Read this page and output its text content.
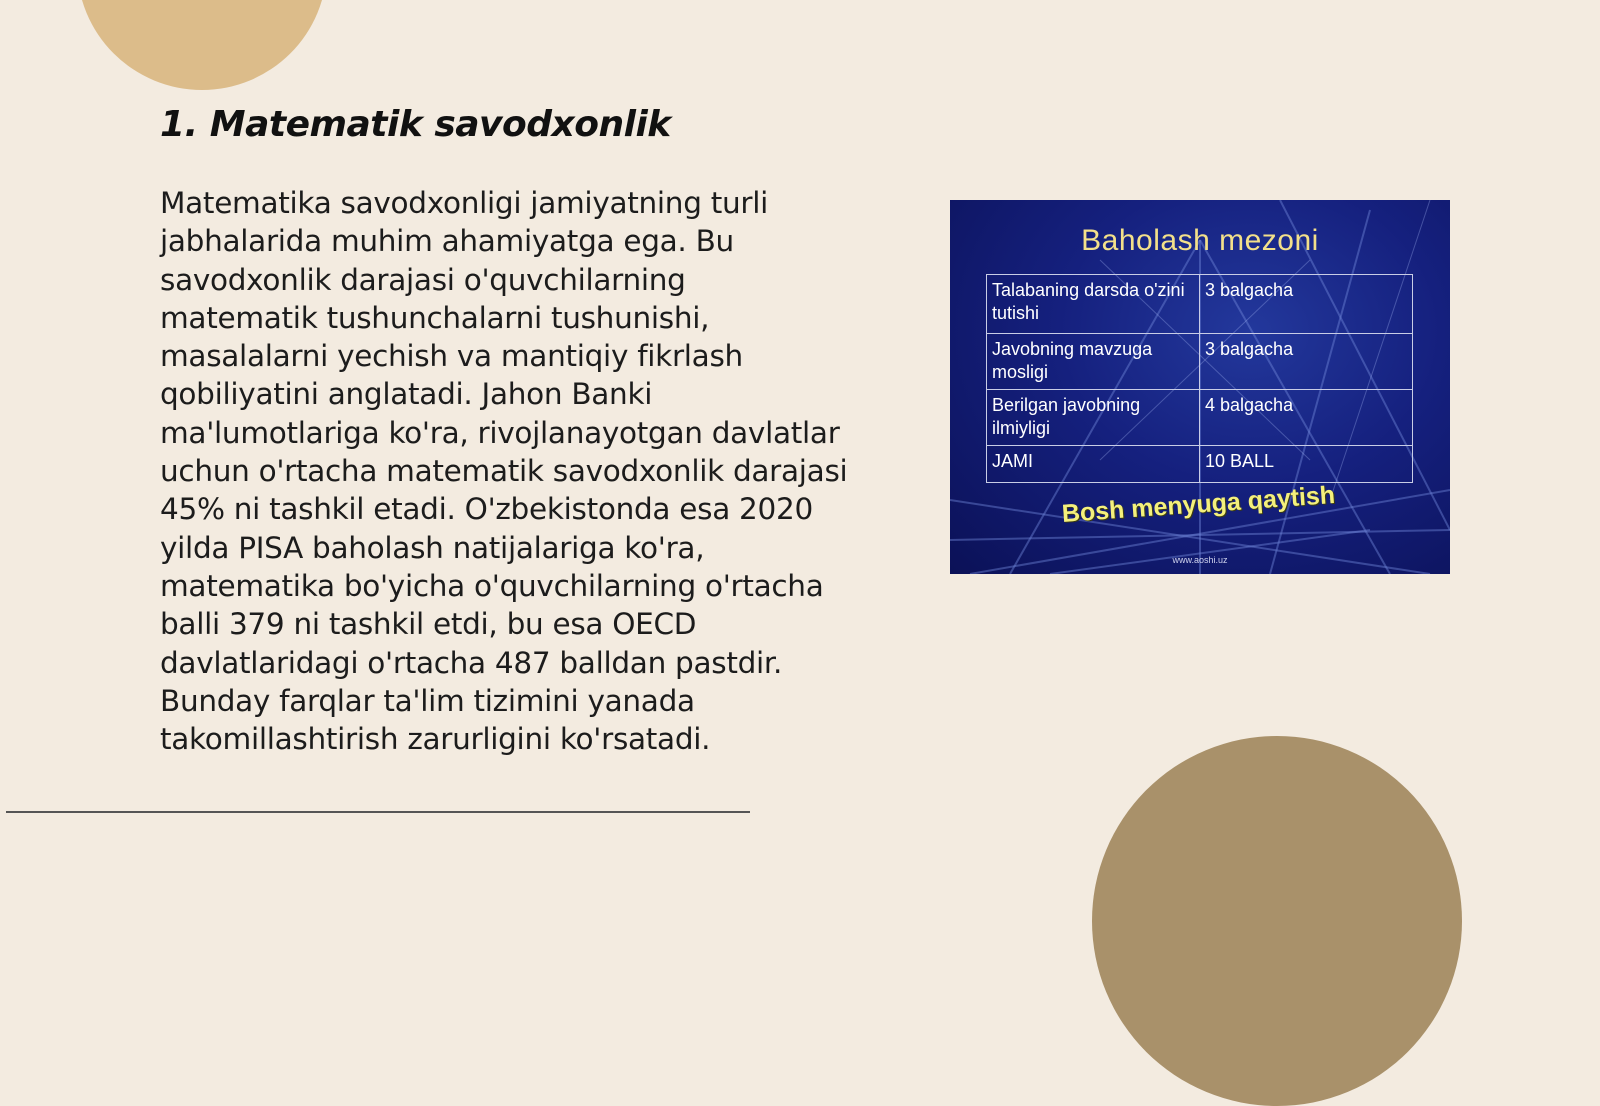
1. Matematik savodxonlik

Matematika savodxonligi jamiyatning turli jabhalarida muhim ahamiyatga ega. Bu savodxonlik darajasi o'quvchilarning matematik tushunchalarni tushunishi, masalalarni yechish va mantiqiy fikrlash qobiliyatini anglatadi. Jahon Banki ma'lumotlariga ko'ra, rivojlanayotgan davlatlar uchun o'rtacha matematik savodxonlik darajasi 45% ni tashkil etadi. O'zbekistonda esa 2020 yilda PISA baholash natijalariga ko'ra, matematika bo'yicha o'quvchilarning o'rtacha balli 379 ni tashkil etdi, bu esa OECD davlatlaridagi o'rtacha 487 balldan pastdir. Bunday farqlar ta'lim tizimini yanada takomillashtirish zarurligini ko'rsatadi.

Baholash mezoni
Talabaning darsda o'zini tutishi	3 balgacha
Javobning mavzuga mosligi	3 balgacha
Berilgan javobning ilmiyligi	4 balgacha
JAMI	10 BALL
Bosh menyuga qaytish
www.aoshi.uz
